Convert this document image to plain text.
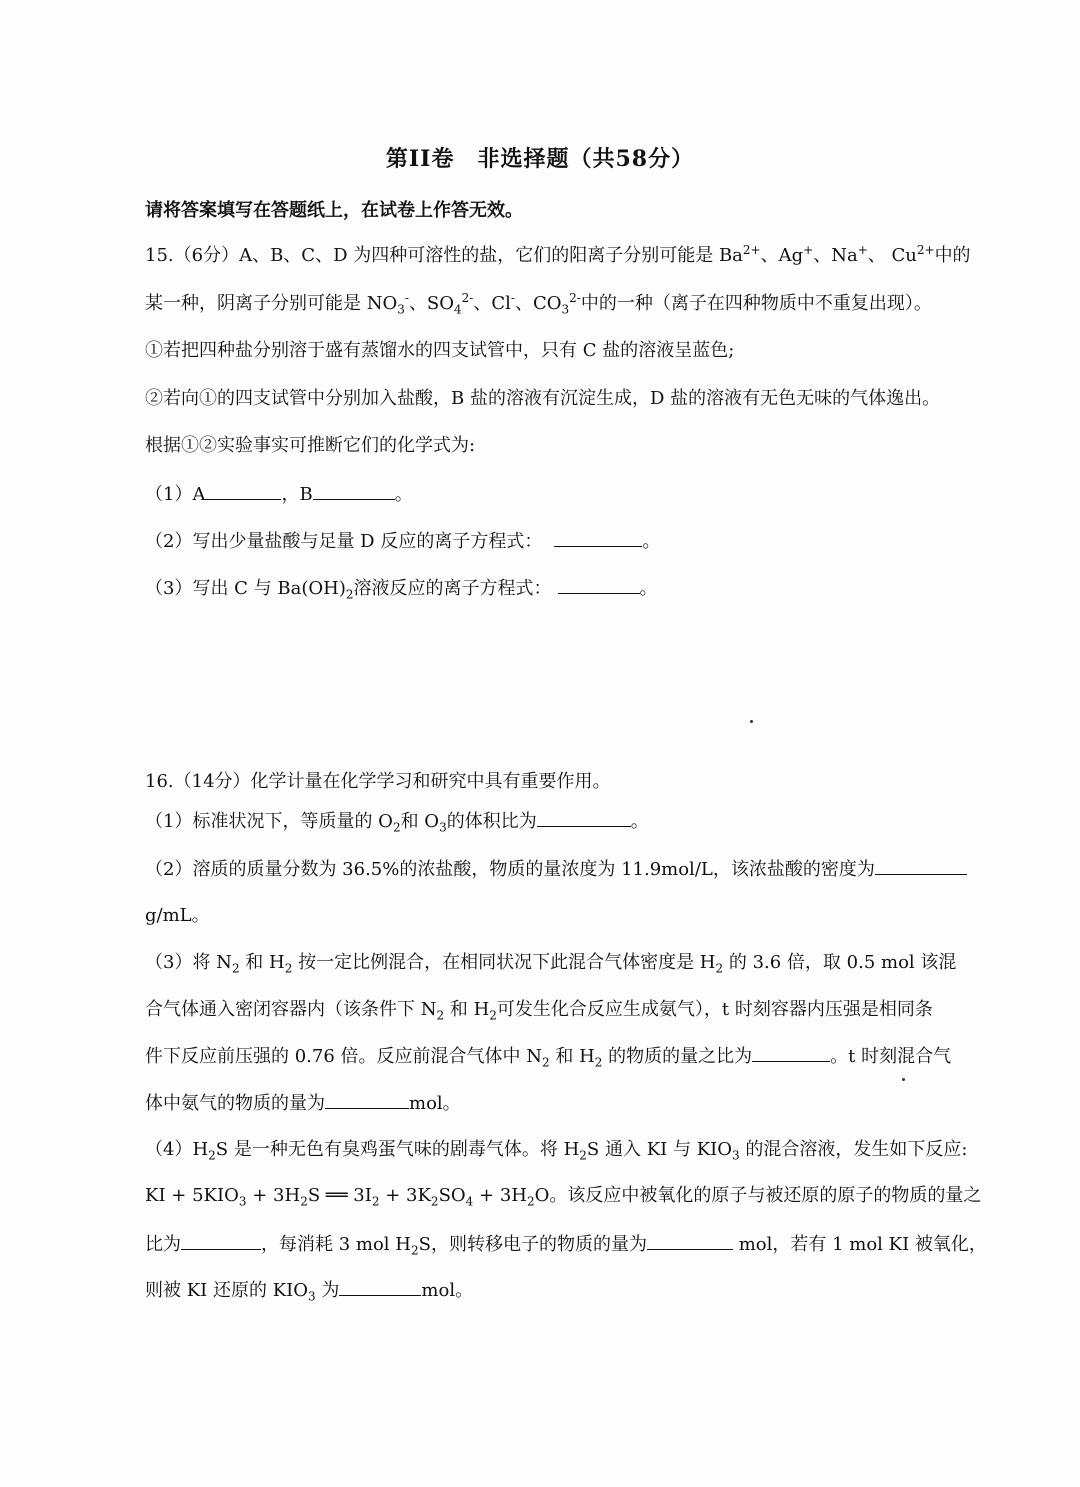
第II卷　非选择题（共58分）
请将答案填写在答题纸上，在试卷上作答无效。
15.（6分）A、B、C、D 为四种可溶性的盐，它们的阳离子分别可能是 $Ba^{2+}$、Ag+、Na+、 $Cu^{2+}$中的
某一种，阴离子分别可能是 $NO_3^-$、$SO_4^{2-}$、Cl-、$CO_3^{2-}$中的一种（离子在四种物质中不重复出现）。
①若把四种盐分别溶于盛有蒸馏水的四支试管中，只有 C 盐的溶液呈蓝色;
②若向①的四支试管中分别加入盐酸，B 盐的溶液有沉淀生成，D 盐的溶液有无色无味的气体逸出。
根据①②实验事实可推断它们的化学式为:
（1）A	，B	。
（2）写出少量盐酸与足量 D 反应的离子方程式：	。
（3）写出 C 与 $Ba(OH)_2$溶液反应的离子方程式：	。
16.（14分）化学计量在化学学习和研究中具有重要作用。
（1）标准状况下，等质量的 $O_2$和 $O_3$的体积比为	。
（2）溶质的质量分数为 36.5%的浓盐酸，物质的量浓度为 11.9mol/L，该浓盐酸的密度为
g/mL。
（3）将 $N_2$ 和 $H_2$ 按一定比例混合，在相同状况下此混合气体密度是 $H_2$ 的 3.6 倍，取 0.5 mol 该混
合气体通入密闭容器内（该条件下 $N_2$ 和 $H_2$可发生化合反应生成氨气），t 时刻容器内压强是相同条
件下反应前压强的 0.76 倍。反应前混合气体中 $N_2$ 和 $H_2$ 的物质的量之比为	。t 时刻混合气
体中氨气的物质的量为	mol。
$(4)H_2S$ 是一种无色有臭鸡蛋气味的剧毒气体。将 $H_2S$ 通入 KI 与 $KIO_3$ 的混合溶液，发生如下反应:
KI + $5KIO_3 + 3H_2S$ ══ $3I_2 + 3K_2SO_4 + 3H_2O$。该反应中被氧化的原子与被还原的原子的物质的量之
比为	，每消耗 3 mol $H_2S$，则转移电子的物质的量为	mol，若有 1 mol KI 被氧化，
则被 KI 还原的 $KIO_3$ 为	mol。
